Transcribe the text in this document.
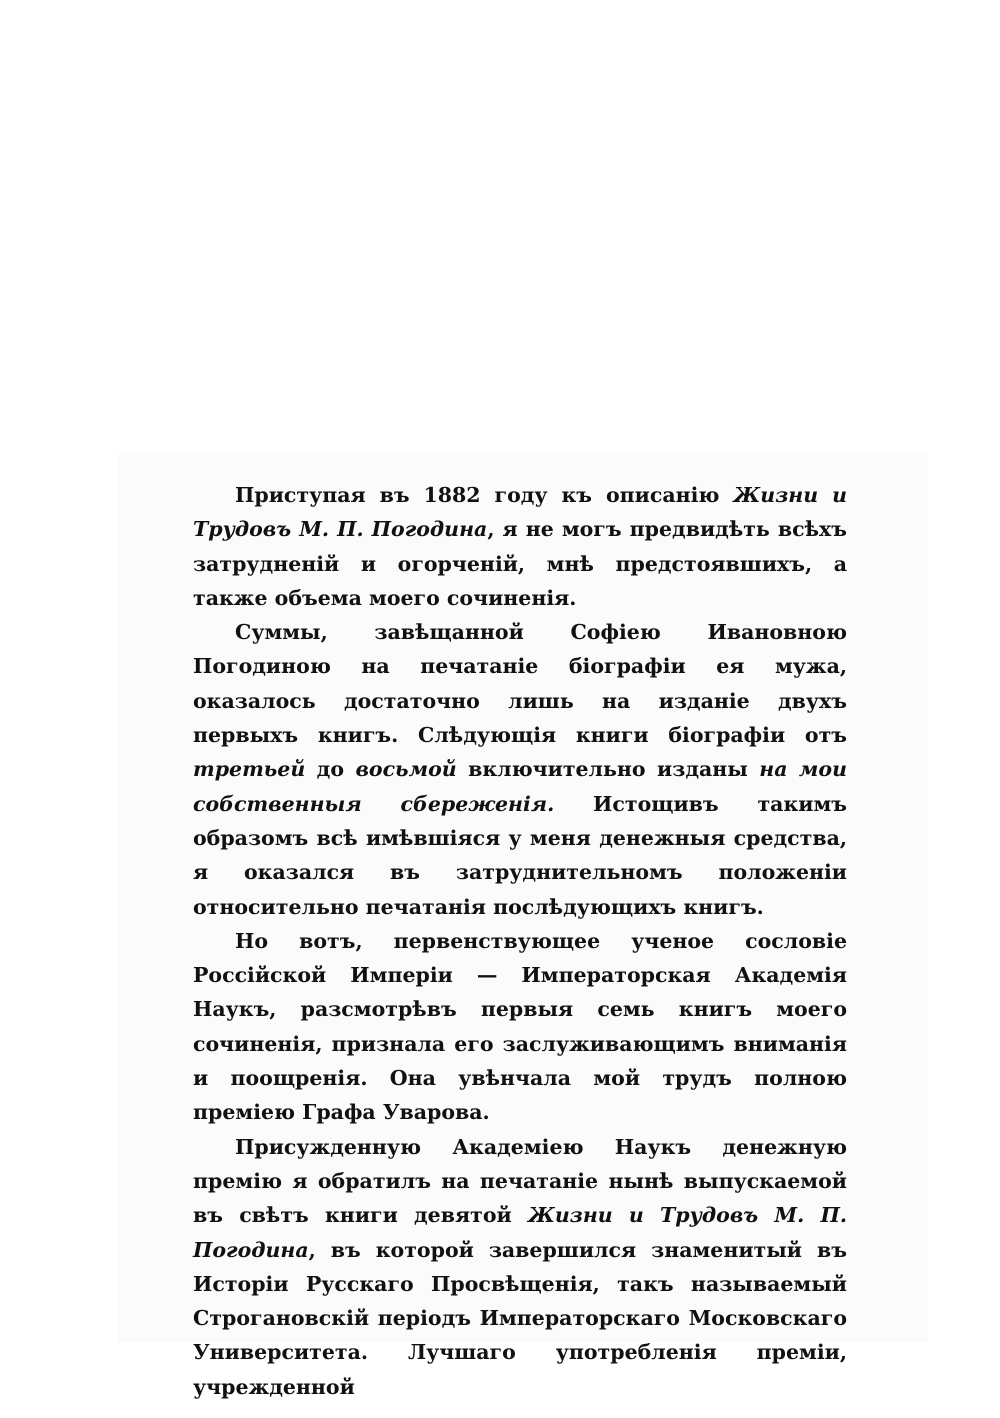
Приступая въ 1882 году къ описанію Жизни и Трудовъ М. П. Погодина, я не могъ предвидѣть всѣхъ затрудненій и огорченій, мнѣ предстоявшихъ, а также объема моего сочиненія.

Суммы, завѣщанной Софіею Ивановною Погодиною на печатаніе біографіи ея мужа, оказалось достаточно лишь на изданіе двухъ первыхъ книгъ. Слѣдующія книги біографіи отъ третьей до восьмой включительно изданы на мои собственныя сбереженія. Истощивъ такимъ образомъ всѣ имѣвшіяся у меня денежныя средства, я оказался въ затруднительномъ положеніи относительно печатанія послѣдующихъ книгъ.

Но вотъ, первенствующее ученое сословіе Россійской Имперіи — Императорская Академія Наукъ, разсмотрѣвъ первыя семь книгъ моего сочиненія, признала его заслуживающимъ вниманія и поощренія. Она увѣнчала мой трудъ полною преміею Графа Уварова.

Присужденную Академіею Наукъ денежную премію я обратилъ на печатаніе нынѣ выпускаемой въ свѣтъ книги девятой Жизни и Трудовъ М. П. Погодина, въ которой завершился знаменитый въ Исторіи Русскаго Просвѣщенія, такъ называемый Строгановскій періодъ Императорскаго Московскаго Университета. Лучшаго употребленія преміи, учрежденной
